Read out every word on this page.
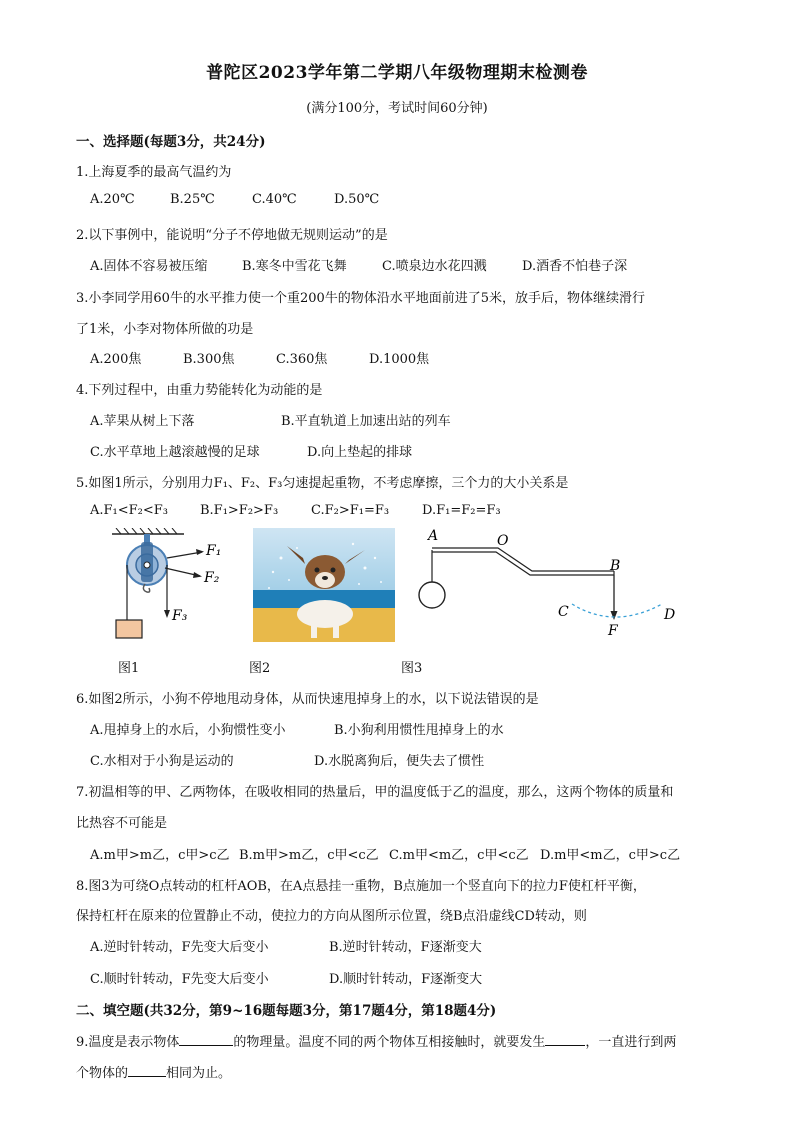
普陀区2023学年第二学期八年级物理期末检测卷
(满分100分，考试时间60分钟)
一、选择题(每题3分，共24分)
1.上海夏季的最高气温约为
A.20℃	B.25℃	C.40℃	D.50℃
2.以下事例中，能说明“分子不停地做无规则运动”的是
A.固体不容易被压缩	B.寒冬中雪花飞舞	C.喷泉边水花四溅	D.酒香不怕巷子深
3.小李同学用60牛的水平推力使一个重200牛的物体沿水平地面前进了5米，放手后，物体继续滑行
了1米，小李对物体所做的功是
A.200焦	B.300焦	C.360焦	D.1000焦
4.下列过程中，由重力势能转化为动能的是
A.苹果从树上下落	B.平直轨道上加速出站的列车
C.水平草地上越滚越慢的足球	D.向上垫起的排球
5.如图1所示，分别用力F₁、F₂、F₃匀速提起重物，不考虑摩擦，三个力的大小关系是
A.F₁<F₂<F₃ B.F₁>F₂>F₃	C.F₂>F₁=F₃	D.F₁=F₂=F₃
F₁
F₂
F₃
A	O
B
C	D
F
图1	图2	图3
6.如图2所示，小狗不停地甩动身体，从而快速甩掉身上的水，以下说法错误的是
A.甩掉身上的水后，小狗惯性变小	B.小狗利用惯性甩掉身上的水
C.水相对于小狗是运动的	D.水脱离狗后，便失去了惯性
7.初温相等的甲、乙两物体，在吸收相同的热量后，甲的温度低于乙的温度，那么，这两个物体的质量和
比热容不可能是
A.m甲>m乙，c甲>c乙 B.m甲>m乙，c甲<c乙 C.m甲<m乙，c甲<c乙 D.m甲<m乙，c甲>c乙
8.图3为可绕O点转动的杠杆AOB，在A点悬挂一重物，B点施加一个竖直向下的拉力F使杠杆平衡，
保持杠杆在原来的位置静止不动，使拉力的方向从图所示位置，绕B点沿虚线CD转动，则
A.逆时针转动，F先变大后变小	B.逆时针转动，F逐渐变大
C.顺时针转动，F先变大后变小	D.顺时针转动，F逐渐变大
二、填空题(共32分，第9~16题每题3分，第17题4分，第18题4分)
9.温度是表示物体	的物理量。温度不同的两个物体互相接触时，就要发生	，一直进行到两
个物体的	相同为止。
